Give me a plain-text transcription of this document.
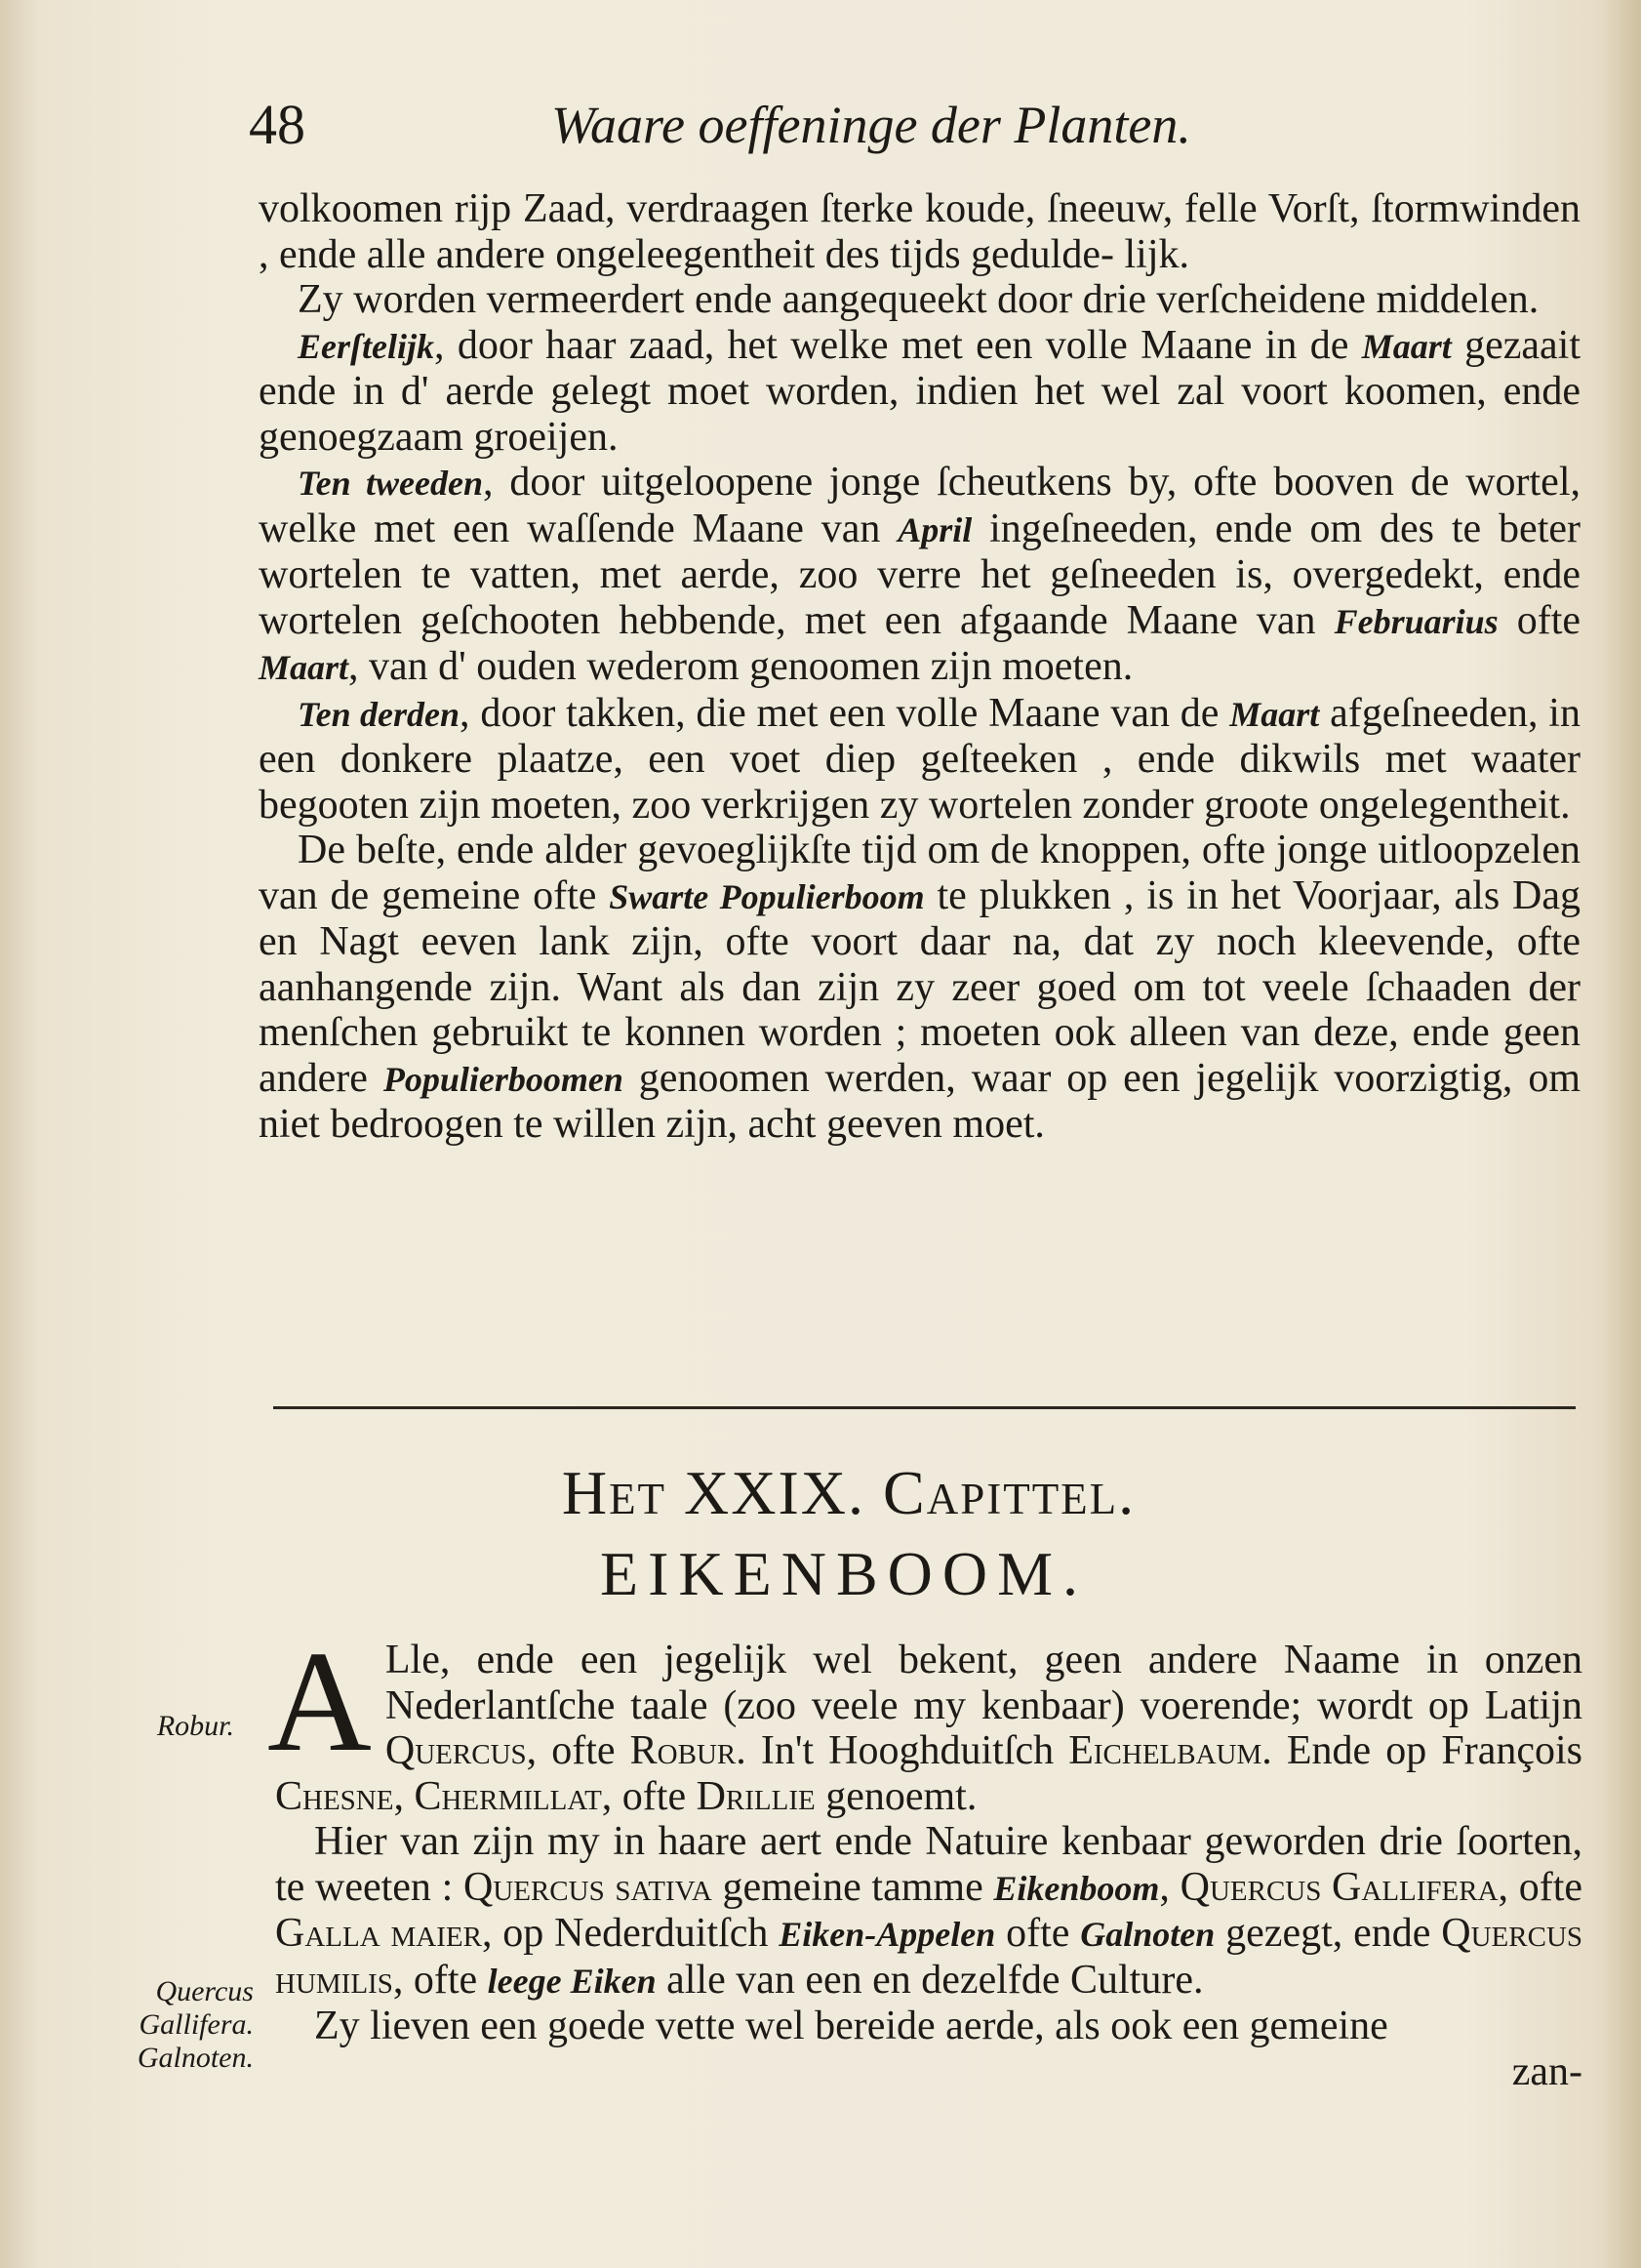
48	Waare oeffeninge der Planten.

volkoomen rijp Zaad, verdraagen ſterke koude, ſneeuw, felle Vorſt, ſtormwinden , ende alle andere ongeleegentheit des tijds gedulde- lijk.

Zy worden vermeerdert ende aangequeekt door drie verſcheidene middelen.

Eerſtelijk, door haar zaad, het welke met een volle Maane in de Maart gezaait ende in d' aerde gelegt moet worden, indien het wel zal voort koomen, ende genoegzaam groeijen.

Ten tweeden, door uitgeloopene jonge ſcheutkens by, ofte booven de wortel, welke met een waſſende Maane van April ingeſneeden, ende om des te beter wortelen te vatten, met aerde, zoo verre het geſneeden is, overgedekt, ende wortelen geſchooten hebbende, met een afgaande Maane van Februarius ofte Maart, van d' ouden wederom genoomen zijn moeten.

Ten derden, door takken, die met een volle Maane van de Maart afgeſneeden, in een donkere plaatze, een voet diep geſteeken , ende dikwils met waater begooten zijn moeten, zoo verkrijgen zy wortelen zonder groote ongelegentheit.

De beſte, ende alder gevoeglijkſte tijd om de knoppen, ofte jonge uitloopzelen van de gemeine ofte Swarte Populierboom te plukken , is in het Voorjaar, als Dag en Nagt eeven lank zijn, ofte voort daar na, dat zy noch kleevende, ofte aanhangende zijn. Want als dan zijn zy zeer goed om tot veele ſchaaden der menſchen gebruikt te konnen worden ; moeten ook alleen van deze, ende geen andere Populierboomen genoomen werden, waar op een jegelijk voorzigtig, om niet bedroogen te willen zijn, acht geeven moet.

Het XXIX. Capittel.
EIKENBOOM.
Robur.
Quercus
Gallifera.
Galnoten.

A Lle, ende een jegelijk wel bekent, geen andere Naame in onzen Nederlantſche taale (zoo veele my kenbaar) voerende; wordt op Latijn Quercus, ofte Robur. In't Hooghduitſch Eichelbaum. Ende op François Chesne, Chermillat, ofte Drillie genoemt.

Hier van zijn my in haare aert ende Natuire kenbaar geworden drie ſoorten, te weeten : Quercus sativa gemeine tamme Eikenboom, Quercus Gallifera, ofte Galla maier, op Nederduitſch Eiken-Appelen ofte Galnoten gezegt, ende Quercus humilis, ofte leege Eiken alle van een en dezelfde Culture.

Zy lieven een goede vette wel bereide aerde, als ook een gemeine

zan-
